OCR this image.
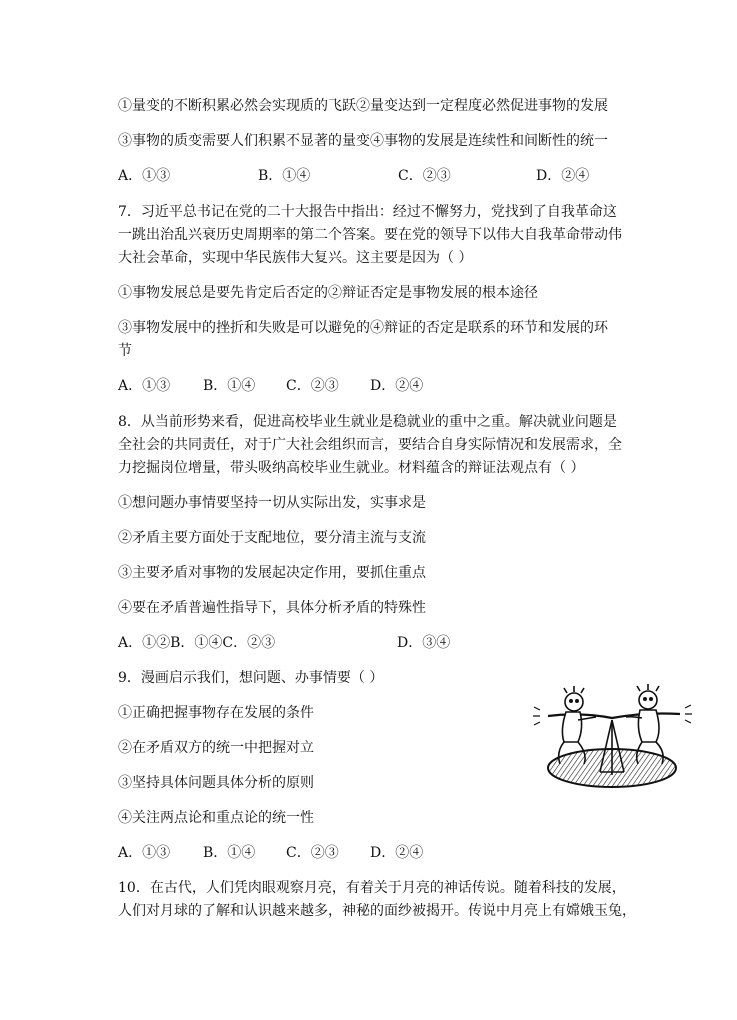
①量变的不断积累必然会实现质的飞跃②量变达到一定程度必然促进事物的发展
③事物的质变需要人们积累不显著的量变④事物的发展是连续性和间断性的统一
A．①③	B．①④	C．②③	D．②④
7．习近平总书记在党的二十大报告中指出：经过不懈努力，党找到了自我革命这
一跳出治乱兴衰历史周期率的第二个答案。要在党的领导下以伟大自我革命带动伟
大社会革命，实现中华民族伟大复兴。这主要是因为（ ）
①事物发展总是要先肯定后否定的②辩证否定是事物发展的根本途径
③事物发展中的挫折和失败是可以避免的④辩证的否定是联系的环节和发展的环
节
A．①③ B．①④ C．②③ D．②④
8．从当前形势来看，促进高校毕业生就业是稳就业的重中之重。解决就业问题是
全社会的共同责任，对于广大社会组织而言，要结合自身实际情况和发展需求，全
力挖掘岗位增量，带头吸纳高校毕业生就业。材料蕴含的辩证法观点有（ ）
①想问题办事情要坚持一切从实际出发，实事求是
②矛盾主要方面处于支配地位，要分清主流与支流
③主要矛盾对事物的发展起决定作用，要抓住重点
④要在矛盾普遍性指导下，具体分析矛盾的特殊性
A．①②B．①④C．②③	D．③④
9．漫画启示我们，想问题、办事情要（ ）
①正确把握事物存在发展的条件
②在矛盾双方的统一中把握对立
③坚持具体问题具体分析的原则
④关注两点论和重点论的统一性
A．①③ B．①④ C．②③ D．②④
10．在古代，人们凭肉眼观察月亮，有着关于月亮的神话传说。随着科技的发展，
人们对月球的了解和认识越来越多，神秘的面纱被揭开。传说中月亮上有嫦娥玉兔，
